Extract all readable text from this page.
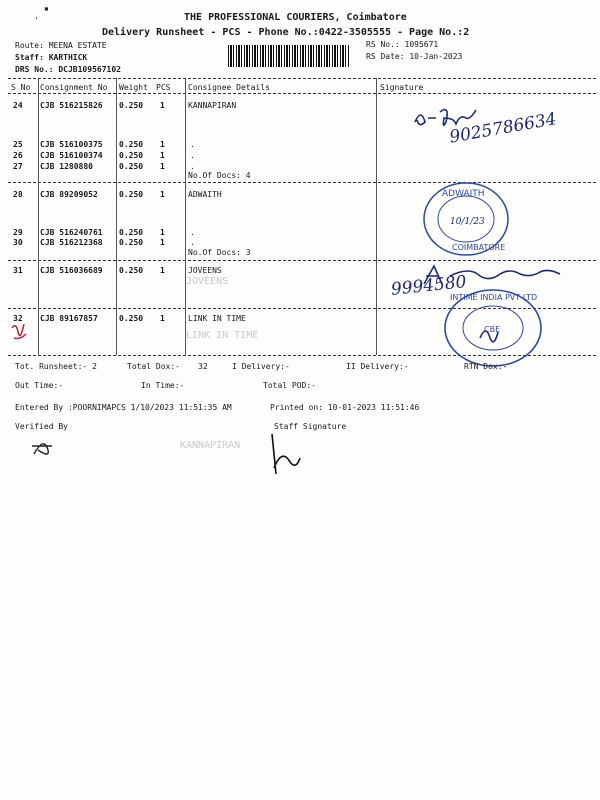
'
▪
THE PROFESSIONAL COURIERS, Coimbatore
Delivery Runsheet - PCS - Phone No.:0422-3505555 - Page No.:2
Route: MEENA ESTATE
Staff: KARTHICK
DRS No.: DCJB109567102
RS No.: 1095671
RS Date: 10-Jan-2023
S No Consignment No Weight PCS Consignee Details	Signature
24 CJB 516215826 0.250 1	KANNAPIRAN
25 CJB 516100375 0.250 1	.
26 CJB 516100374 0.250 1	.
27 CJB 1280880	0.250 1	.
No.Of Docs: 4
28 CJB 89209052	0.250 1	ADWAITH
29 CJB 516240761 0.250 1	.
30 CJB 516212368 0.250 1	.
No.Of Docs: 3
31 CJB 516036689 0.250 1	JOVEENS
32 CJB 89167857	0.250 1	LINK IN TIME
JOVEENS
LINK IN TIME
KANNAPIRAN
9025786634
ADWAITH
COIMBATORE
10/1/23
9994580
INTIME INDIA PVT LTD
CBE
Tot. Runsheet:- 2	Total Dox:- 32	I Delivery:-	II Delivery:-	RTN Dox:-
Out Time:-	In Time:-	Total POD:-
Entered By :POORNIMAPCS 1/10/2023 11:51:35 AM	Printed on: 10-01-2023 11:51:46
Verified By	Staff Signature
